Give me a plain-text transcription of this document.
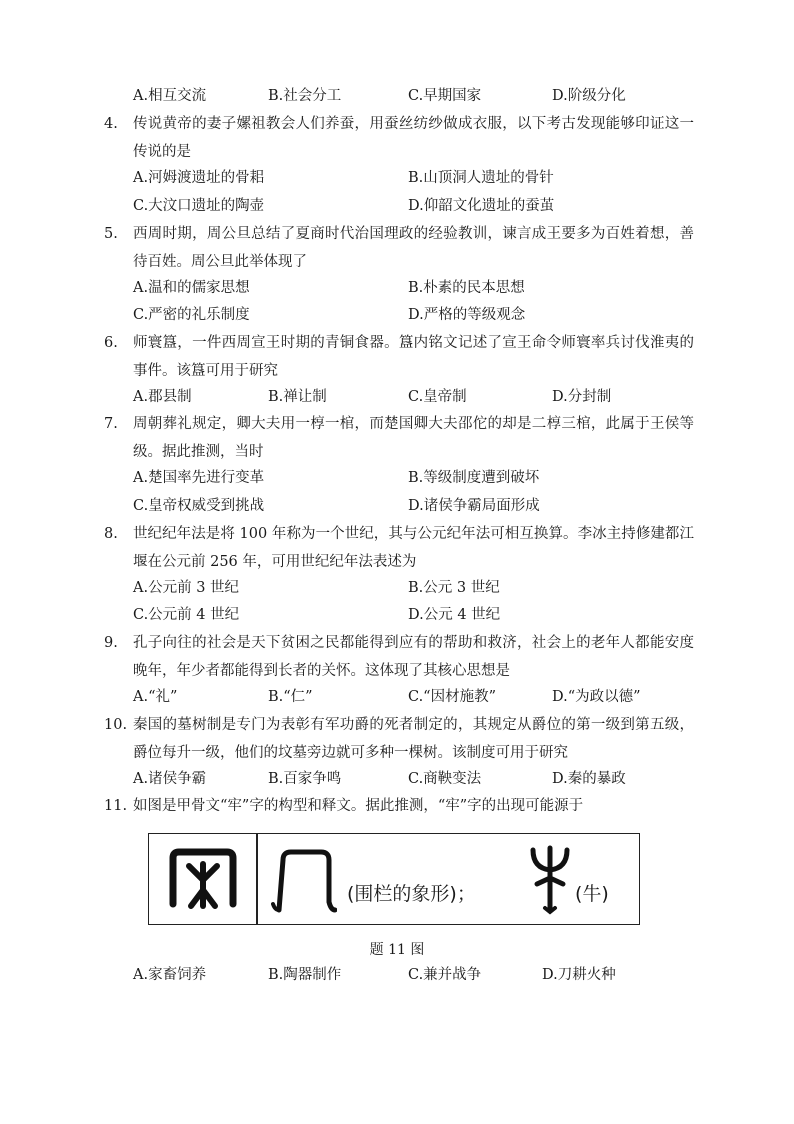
A.相互交流	B.社会分工	C.早期国家	D.阶级分化
4. 传说黄帝的妻子嫘祖教会人们养蚕，用蚕丝纺纱做成衣服，以下考古发现能够印证这一传说的是
A.河姆渡遗址的骨耜	B.山顶洞人遗址的骨针
C.大汶口遗址的陶壶	D.仰韶文化遗址的蚕茧
5. 西周时期，周公旦总结了夏商时代治国理政的经验教训，谏言成王要多为百姓着想，善待百姓。周公旦此举体现了
A.温和的儒家思想	B.朴素的民本思想
C.严密的礼乐制度	D.严格的等级观念
6. 师寰簋，一件西周宣王时期的青铜食器。簋内铭文记述了宣王命令师寰率兵讨伐淮夷的事件。该簋可用于研究
A.郡县制	B.禅让制	C.皇帝制	D.分封制
7. 周朝葬礼规定，卿大夫用一椁一棺，而楚国卿大夫邵佗的却是二椁三棺，此属于王侯等级。据此推测，当时
A.楚国率先进行变革	B.等级制度遭到破坏
C.皇帝权威受到挑战	D.诸侯争霸局面形成
8. 世纪纪年法是将 100 年称为一个世纪，其与公元纪年法可相互换算。李冰主持修建都江堰在公元前 256 年，可用世纪纪年法表述为
A.公元前 3 世纪	B.公元 3 世纪
C.公元前 4 世纪	D.公元 4 世纪
9. 孔子向往的社会是天下贫困之民都能得到应有的帮助和救济，社会上的老年人都能安度晚年，年少者都能得到长者的关怀。这体现了其核心思想是
A.“礼”	B.“仁”	C.“因材施教”	D.“为政以德”
10. 秦国的墓树制是专门为表彰有军功爵的死者制定的，其规定从爵位的第一级到第五级，爵位每升一级，他们的坟墓旁边就可多种一棵树。该制度可用于研究
A.诸侯争霸	B.百家争鸣	C.商鞅变法	D.秦的暴政
11. 如图是甲骨文“牢”字的构型和释文。据此推测，“牢”字的出现可能源于
(围栏的象形)；	(牛)
题 11 图
A.家畜饲养	B.陶器制作	C.兼并战争	D.刀耕火种
